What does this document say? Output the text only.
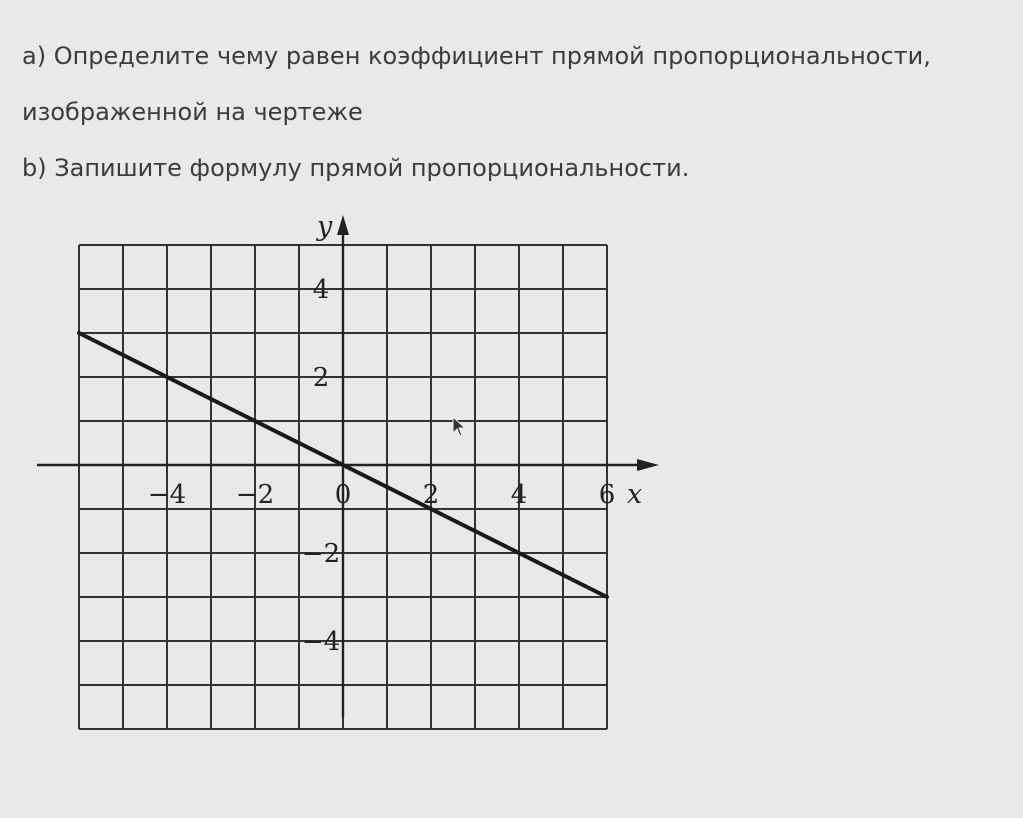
a) Определите чему равен коэффициент прямой пропорциональности,

изображенной на чертеже

b) Запишите формулу прямой пропорциональности.

x
y
−4 −2 0	2	4	6
4
2
−2
−4
